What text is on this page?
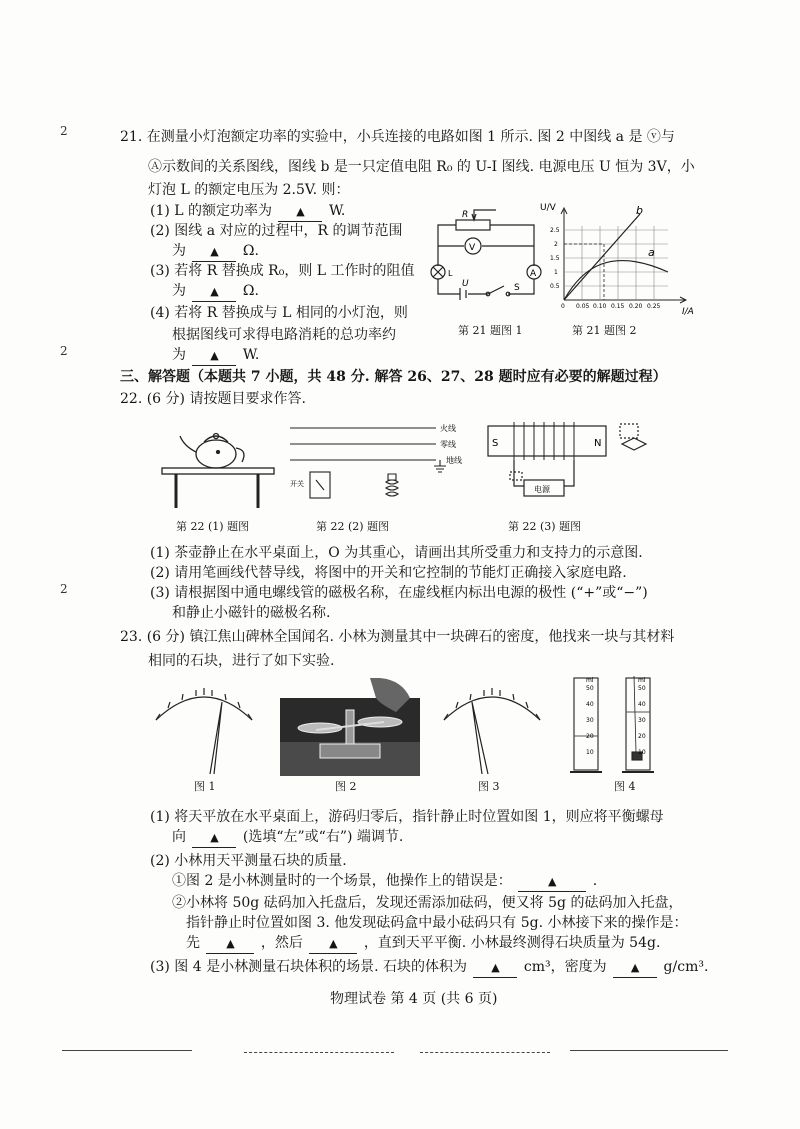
2
2
2
21. 在测量小灯泡额定功率的实验中，小兵连接的电路如图 1 所示. 图 2 中图线 a 是 ⓥ与
Ⓐ示数间的关系图线，图线 b 是一只定值电阻 R₀ 的 U-I 图线. 电源电压 U 恒为 3V，小
灯泡 L 的额定电压为 2.5V. 则：
(1) L 的额定功率为 ▲ W.
(2) 图线 a 对应的过程中，R 的调节范围
为 ▲ Ω.
(3) 若将 R 替换成 R₀，则 L 工作时的阻值
为 ▲ Ω.
(4) 若将 R 替换成与 L 相同的小灯泡，则
根据图线可求得电路消耗的总功率约
为 ▲ W.
R
V
L	A
U	S
第 21 题图 1
U/V
I/A
a
b
2.5
2
1.5
1
0.5
0 0.05 0.10 0.15 0.20 0.25
第 21 题图 2
三、解答题（本题共 7 小题，共 48 分. 解答 26、27、28 题时应有必要的解题过程）
22. (6 分) 请按题目要求作答.
第 22 (1) 题图
火线
零线
地线
开关
第 22 (2) 题图
S	N
电源
第 22 (3) 题图
(1) 茶壶静止在水平桌面上，O 为其重心，请画出其所受重力和支持力的示意图.
(2) 请用笔画线代替导线，将图中的开关和它控制的节能灯正确接入家庭电路.
(3) 请根据图中通电螺线管的磁极名称，在虚线框内标出电源的极性 (“+”或“−”)
和静止小磁针的磁极名称.
23. (6 分) 镇江焦山碑林全国闻名. 小林为测量其中一块碑石的密度，他找来一块与其材料
相同的石块，进行了如下实验.
图 1	图 2	图 3
50
40
30
20
10
50
40
30
20
10
ml	ml
图 4
(1) 将天平放在水平桌面上，游码归零后，指针静止时位置如图 1，则应将平衡螺母
向 ▲ (选填“左”或“右”) 端调节.
(2) 小林用天平测量石块的质量.
①图 2 是小林测量时的一个场景，他操作上的错误是：	▲	.
②小林将 50g 砝码加入托盘后，发现还需添加砝码，便又将 5g 的砝码加入托盘，
指针静止时位置如图 3. 他发现砝码盒中最小砝码只有 5g. 小林接下来的操作是：
先 ▲ ，然后 ▲ ，直到天平平衡. 小林最终测得石块质量为 54g.
(3) 图 4 是小林测量石块体积的场景. 石块的体积为 ▲ cm³，密度为 ▲ g/cm³.
物理试卷 第 4 页 (共 6 页)
